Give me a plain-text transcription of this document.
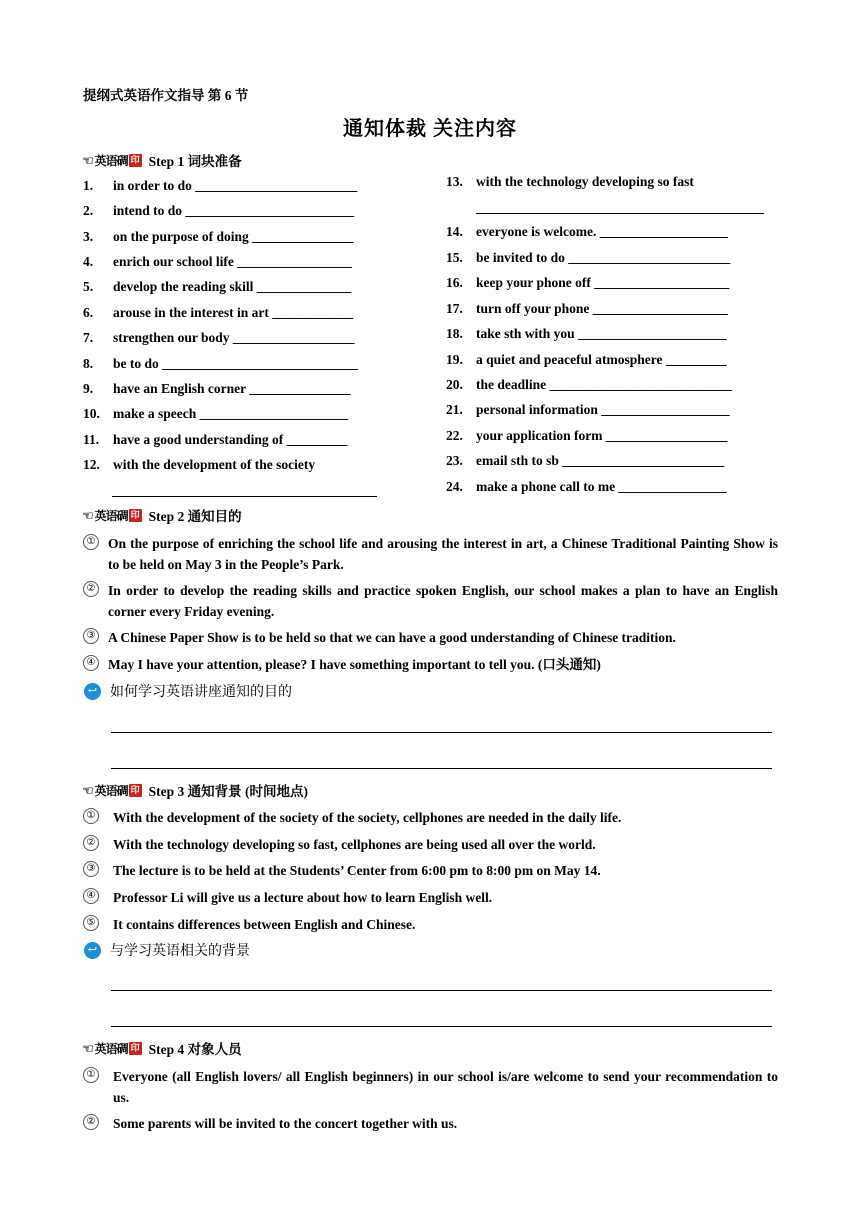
提纲式英语作文指导 第 6 节
通知体裁 关注内容
☜ 英语碉 印 Step 1 词块准备
1. in order to do ________________________
2. intend to do _________________________
3. on the purpose of doing _______________
4. enrich our school life _________________
5. develop the reading skill ______________
6. arouse in the interest in art ____________
7. strengthen our body __________________
8. be to do _____________________________
9. have an English corner _______________
10. make a speech ______________________
11. have a good understanding of _________
12. with the development of the society
13. with the technology developing so fast
14. everyone is welcome. ___________________
15. be invited to do ________________________
16. keep your phone off ____________________
17. turn off your phone ____________________
18. take sth with you ______________________
19. a quiet and peaceful atmosphere _________
20. the deadline ___________________________
21. personal information ___________________
22. your application form __________________
23. email sth to sb ________________________
24. make a phone call to me ________________
☜ 英语碉 印 Step 2 通知目的
① On the purpose of enriching the school life and arousing the interest in art, a Chinese Traditional Painting Show is to be held on May 3 in the People’s Park.
② In order to develop the reading skills and practice spoken English, our school makes a plan to have an English corner every Friday evening.
③ A Chinese Paper Show is to be held so that we can have a good understanding of Chinese tradition.
④ May I have your attention, please? I have something important to tell you. (口头通知)
↩ 如何学习英语讲座通知的目的
☜ 英语碉 印 Step 3 通知背景 (时间地点)
① With the development of the society of the society, cellphones are needed in the daily life.
② With the technology developing so fast, cellphones are being used all over the world.
③ The lecture is to be held at the Students’ Center from 6:00 pm to 8:00 pm on May 14.
④ Professor Li will give us a lecture about how to learn English well.
⑤ It contains differences between English and Chinese.
↩ 与学习英语相关的背景
☜ 英语碉 印 Step 4 对象人员
① Everyone (all English lovers/ all English beginners) in our school is/are welcome to send your recommendation to us.
② Some parents will be invited to the concert together with us.
